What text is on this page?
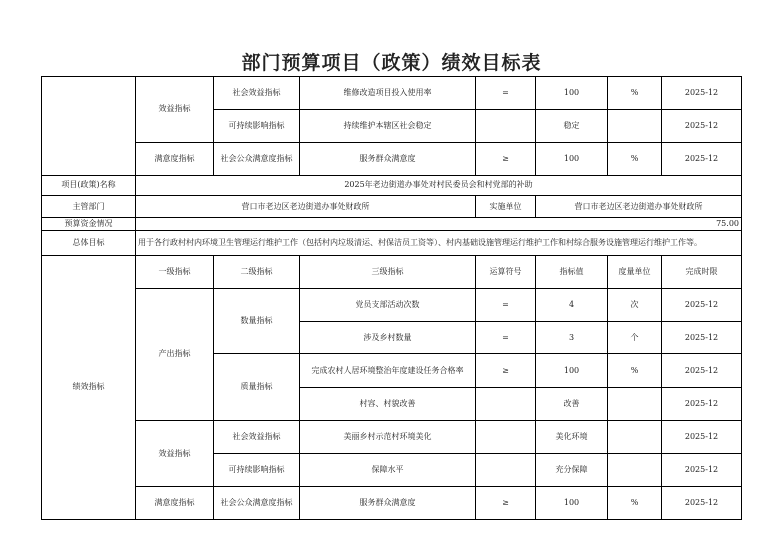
部门预算项目（政策）绩效目标表
	效益指标	社会效益指标	维修改造项目投入使用率	=	100	%	2025-12
		可持续影响指标	持续维护本辖区社会稳定		稳定		2025-12
	满意度指标	社会公众满意度指标	服务群众满意度	≥	100	%	2025-12
项目(政策)名称	2025年老边街道办事处对村民委员会和村党部的补助						
主管部门	营口市老边区老边街道办事处财政所			实施单位	营口市老边区老边街道办事处财政所		
预算资金情况	75.00						
总体目标	用于各行政村村内环境卫生管理运行维护工作（包括村内垃圾清运、村保洁员工资等）、村内基础设施管理运行维护工作和村综合服务设施管理运行维护工作等。						
绩效指标	一级指标	二级指标	三级指标	运算符号	指标值	度量单位	完成时限
	产出指标	数量指标	党员支部活动次数	=	4	次	2025-12
			涉及乡村数量	=	3	个	2025-12
		质量指标	完成农村人居环境整治年度建设任务合格率	≥	100	%	2025-12
			村容、村貌改善		改善		2025-12
	效益指标	社会效益指标	美丽乡村示范村环境美化		美化环境		2025-12
		可持续影响指标	保障水平		充分保障		2025-12
	满意度指标	社会公众满意度指标	服务群众满意度	≥	100	%	2025-12
